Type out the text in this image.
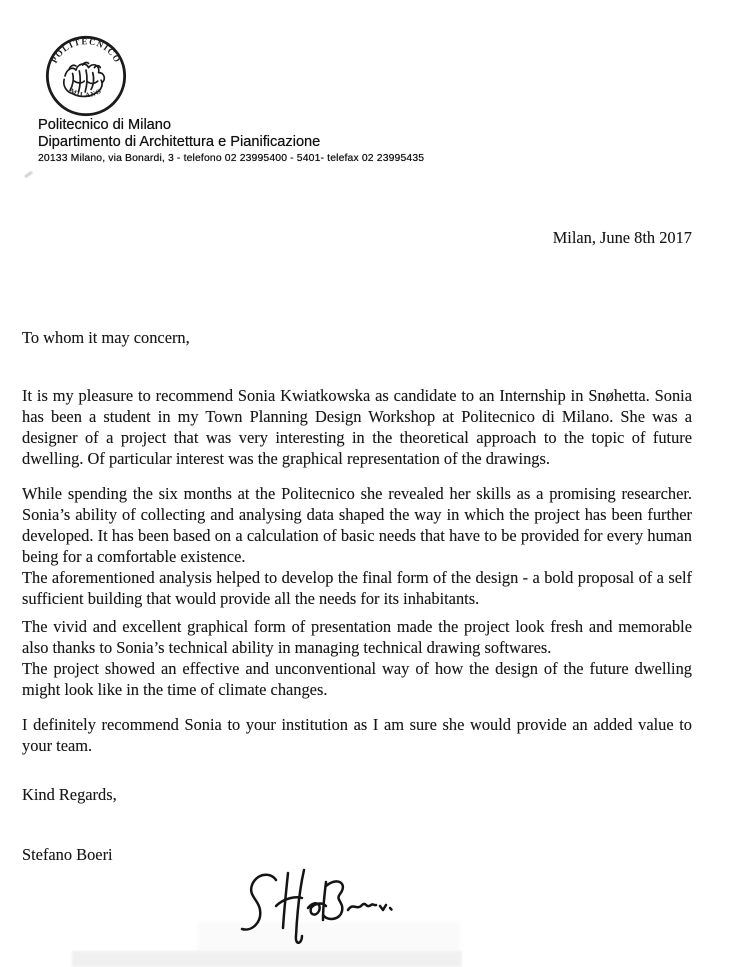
POLITECNICO
MILANO
Politecnico di Milano
Dipartimento di Architettura e Pianificazione
20133 Milano, via Bonardi, 3 - telefono 02 23995400 - 5401- telefax 02 23995435
Milan, June 8th 2017
To whom it may concern,

It is my pleasure to recommend Sonia Kwiatkowska as candidate to an Internship in Snøhetta. Sonia has been a student in my Town Planning Design Workshop at Politecnico di Milano. She was a designer of a project that was very interesting in the theoretical approach to the topic of future dwelling. Of particular interest was the graphical representation of the drawings.

While spending the six months at the Politecnico she revealed her skills as a promising researcher. Sonia’s ability of collecting and analysing data shaped the way in which the project has been further developed. It has been based on a calculation of basic needs that have to be provided for every human being for a comfortable existence.

The aforementioned analysis helped to develop the final form of the design - a bold proposal of a self sufficient building that would provide all the needs for its inhabitants.

The vivid and excellent graphical form of presentation made the project look fresh and memorable also thanks to Sonia’s technical ability in managing technical drawing softwares.

The project showed an effective and unconventional way of how the design of the future dwelling might look like in the time of climate changes.

I definitely recommend Sonia to your institution as I am sure she would provide an added value to your team.

Kind Regards,
Stefano Boeri
